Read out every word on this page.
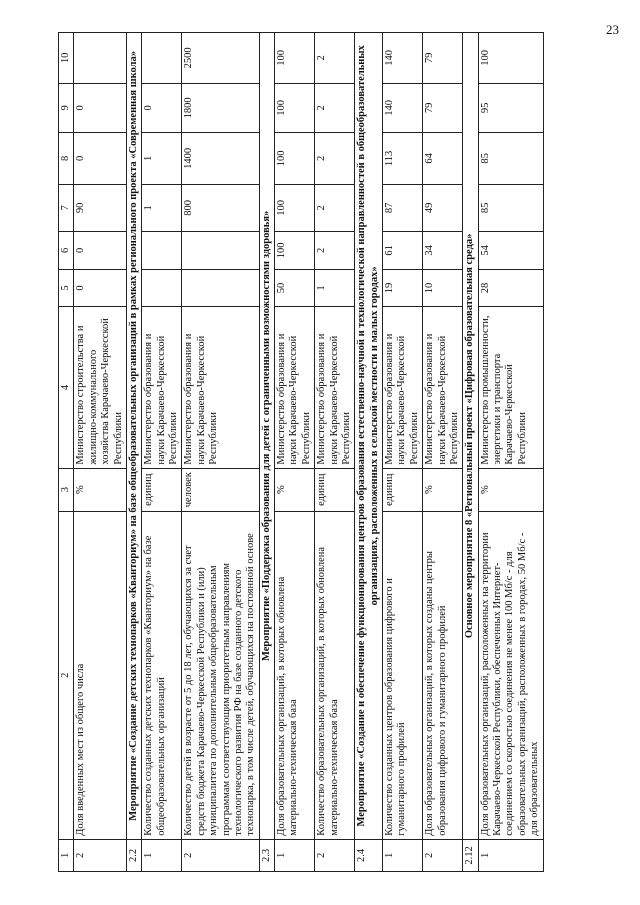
23
1	2	3	4	5	6	7	8	9	10
2	Доля введенных мест из общего числа	%	Министерство строительства и жилищно-коммунального хозяйства Карачаево-Черкесской Республики	0	0	90	0	0	
2.2	Мероприятие «Создание детских технопарков «Кванториум» на базе общеобразовательных организаций в рамках регионального проекта «Современная школа»								
1	Количество созданных детских технопарков «Кванториум» на базе общеобразовательных организаций	единиц	Министерство образования и науки Карачаево-Черкесской Республики			1	1	0	
2	Количество детей в возрасте от 5 до 18 лет, обучающихся за счет средств бюджета Карачаево-Черкесской Республики и (или) муниципалитета по дополнительным общеобразовательным программам соответствующим приоритетным направлениям технологического развития РФ на базе созданного детского технопарка, в том числе детей, обучающихся на постоянной основе	человек	Министерство образования и науки Карачаево-Черкесской Республики			800	1400	1800	2500
2.3	Мероприятие «Поддержка образования для детей с ограниченными возможностями здоровья»								
1	Доля образовательных организаций, в которых обновлена материально-техническая база	%	Министерство образования и науки Карачаево-Черкесской Республики	50	100	100	100	100	100
2	Количество образовательных организаций, в которых обновлена материально-техническая база	единиц	Министерство образования и науки Карачаево-Черкесской Республики	1	2	2	2	2	2
2.4	Мероприятие «Создание и обеспечение функционирования центров образования естественно-научной и технологической направленностей в общеобразовательных организациях, расположенных в сельской местности и малых городах»								
1	Количество созданных центров образования цифрового и гуманитарного профилей	единиц	Министерство образования и науки Карачаево-Черкесской Республики	19	61	87	113	140	140
2	Доля образовательных организаций, в которых созданы центры образования цифрового и гуманитарного профилей	%	Министерство образования и науки Карачаево-Черкесской Республики	10	34	49	64	79	79
2.12	Основное мероприятие 8 «Региональный проект «Цифровая образовательная среда»								
1	Доля образовательных организаций, расположенных на территории Карачаево-Черкесской Республики, обеспеченных Интернет-соединением со скоростью соединения не менее 100 Мб/с - для образовательных организаций, расположенных в городах, 50 Мб/с - для образовательных	%	Министерство промышленности, энергетики и транспорта Карачаево-Черкесской Республики	28	54	85	85	95	100
